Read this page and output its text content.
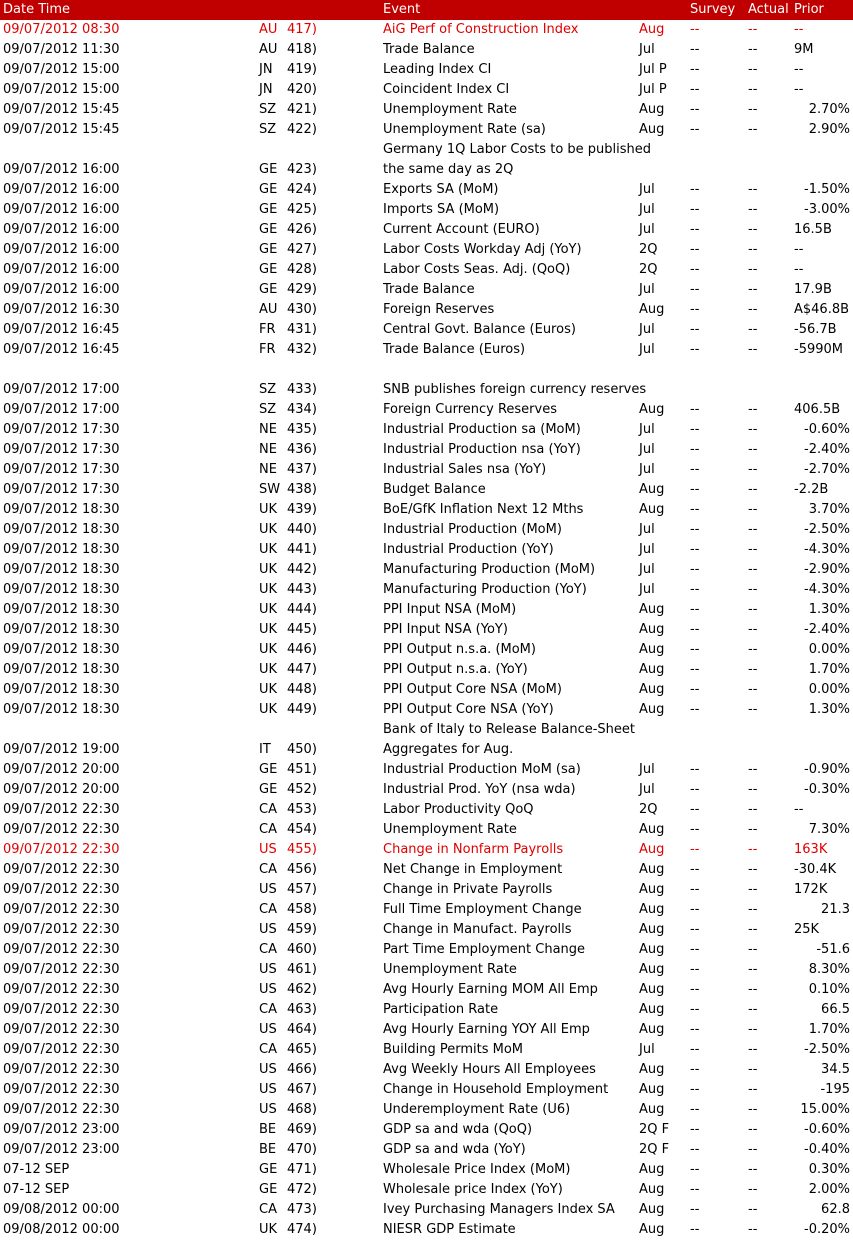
Date Time	Event	Survey Actual Prior
09/07/2012 08:30	AU 417)	AiG Perf of Construction Index	Aug --	--	--
09/07/2012 11:30	AU 418)	Trade Balance	Jul	--	--	9M
09/07/2012 15:00	JN 419)	Leading Index CI	Jul P --	--	--
09/07/2012 15:00	JN 420)	Coincident Index CI	Jul P --	--	--
09/07/2012 15:45	SZ 421)	Unemployment Rate	Aug --	--	2.70%
09/07/2012 15:45	SZ 422)	Unemployment Rate (sa)	Aug --	--	2.90%
Germany 1Q Labor Costs to be published
09/07/2012 16:00	GE 423)	the same day as 2Q
09/07/2012 16:00	GE 424)	Exports SA (MoM)	Jul	--	--	-1.50%
09/07/2012 16:00	GE 425)	Imports SA (MoM)	Jul	--	--	-3.00%
09/07/2012 16:00	GE 426)	Current Account (EURO)	Jul	--	--	16.5B
09/07/2012 16:00	GE 427)	Labor Costs Workday Adj (YoY)	2Q --	--	--
09/07/2012 16:00	GE 428)	Labor Costs Seas. Adj. (QoQ)	2Q --	--	--
09/07/2012 16:00	GE 429)	Trade Balance	Jul	--	--	17.9B
09/07/2012 16:30	AU 430)	Foreign Reserves	Aug --	--	A$46.8B
09/07/2012 16:45	FR 431)	Central Govt. Balance (Euros)	Jul	--	--	-56.7B
09/07/2012 16:45	FR 432)	Trade Balance (Euros)	Jul	--	--	-5990M
09/07/2012 17:00	SZ 433)	SNB publishes foreign currency reserves
09/07/2012 17:00	SZ 434)	Foreign Currency Reserves	Aug --	--	406.5B
09/07/2012 17:30	NE 435)	Industrial Production sa (MoM)	Jul	--	--	-0.60%
09/07/2012 17:30	NE 436)	Industrial Production nsa (YoY)	Jul	--	--	-2.40%
09/07/2012 17:30	NE 437)	Industrial Sales nsa (YoY)	Jul	--	--	-2.70%
09/07/2012 17:30	SW 438)	Budget Balance	Aug --	--	-2.2B
09/07/2012 18:30	UK 439)	BoE/GfK Inflation Next 12 Mths	Aug --	--	3.70%
09/07/2012 18:30	UK 440)	Industrial Production (MoM)	Jul	--	--	-2.50%
09/07/2012 18:30	UK 441)	Industrial Production (YoY)	Jul	--	--	-4.30%
09/07/2012 18:30	UK 442)	Manufacturing Production (MoM)	Jul	--	--	-2.90%
09/07/2012 18:30	UK 443)	Manufacturing Production (YoY)	Jul	--	--	-4.30%
09/07/2012 18:30	UK 444)	PPI Input NSA (MoM)	Aug --	--	1.30%
09/07/2012 18:30	UK 445)	PPI Input NSA (YoY)	Aug --	--	-2.40%
09/07/2012 18:30	UK 446)	PPI Output n.s.a. (MoM)	Aug --	--	0.00%
09/07/2012 18:30	UK 447)	PPI Output n.s.a. (YoY)	Aug --	--	1.70%
09/07/2012 18:30	UK 448)	PPI Output Core NSA (MoM)	Aug --	--	0.00%
09/07/2012 18:30	UK 449)	PPI Output Core NSA (YoY)	Aug --	--	1.30%
Bank of Italy to Release Balance-Sheet
09/07/2012 19:00	IT 450)	Aggregates for Aug.
09/07/2012 20:00	GE 451)	Industrial Production MoM (sa)	Jul	--	--	-0.90%
09/07/2012 20:00	GE 452)	Industrial Prod. YoY (nsa wda)	Jul	--	--	-0.30%
09/07/2012 22:30	CA 453)	Labor Productivity QoQ	2Q --	--	--
09/07/2012 22:30	CA 454)	Unemployment Rate	Aug --	--	7.30%
09/07/2012 22:30	US 455)	Change in Nonfarm Payrolls	Aug --	--	163K
09/07/2012 22:30	CA 456)	Net Change in Employment	Aug --	--	-30.4K
09/07/2012 22:30	US 457)	Change in Private Payrolls	Aug --	--	172K
09/07/2012 22:30	CA 458)	Full Time Employment Change	Aug --	--	21.3
09/07/2012 22:30	US 459)	Change in Manufact. Payrolls	Aug --	--	25K
09/07/2012 22:30	CA 460)	Part Time Employment Change	Aug --	--	-51.6
09/07/2012 22:30	US 461)	Unemployment Rate	Aug --	--	8.30%
09/07/2012 22:30	US 462)	Avg Hourly Earning MOM All Emp	Aug --	--	0.10%
09/07/2012 22:30	CA 463)	Participation Rate	Aug --	--	66.5
09/07/2012 22:30	US 464)	Avg Hourly Earning YOY All Emp	Aug --	--	1.70%
09/07/2012 22:30	CA 465)	Building Permits MoM	Jul	--	--	-2.50%
09/07/2012 22:30	US 466)	Avg Weekly Hours All Employees	Aug --	--	34.5
09/07/2012 22:30	US 467)	Change in Household Employment Aug --	--	-195
09/07/2012 22:30	US 468)	Underemployment Rate (U6)	Aug --	--	15.00%
09/07/2012 23:00	BE 469)	GDP sa and wda (QoQ)	2Q F --	--	-0.60%
09/07/2012 23:00	BE 470)	GDP sa and wda (YoY)	2Q F --	--	-0.40%
07-12 SEP	GE 471)	Wholesale Price Index (MoM)	Aug --	--	0.30%
07-12 SEP	GE 472)	Wholesale price Index (YoY)	Aug --	--	2.00%
09/08/2012 00:00	CA 473)	Ivey Purchasing Managers Index SA Aug --	--	62.8
09/08/2012 00:00	UK 474)	NIESR GDP Estimate	Aug --	--	-0.20%
